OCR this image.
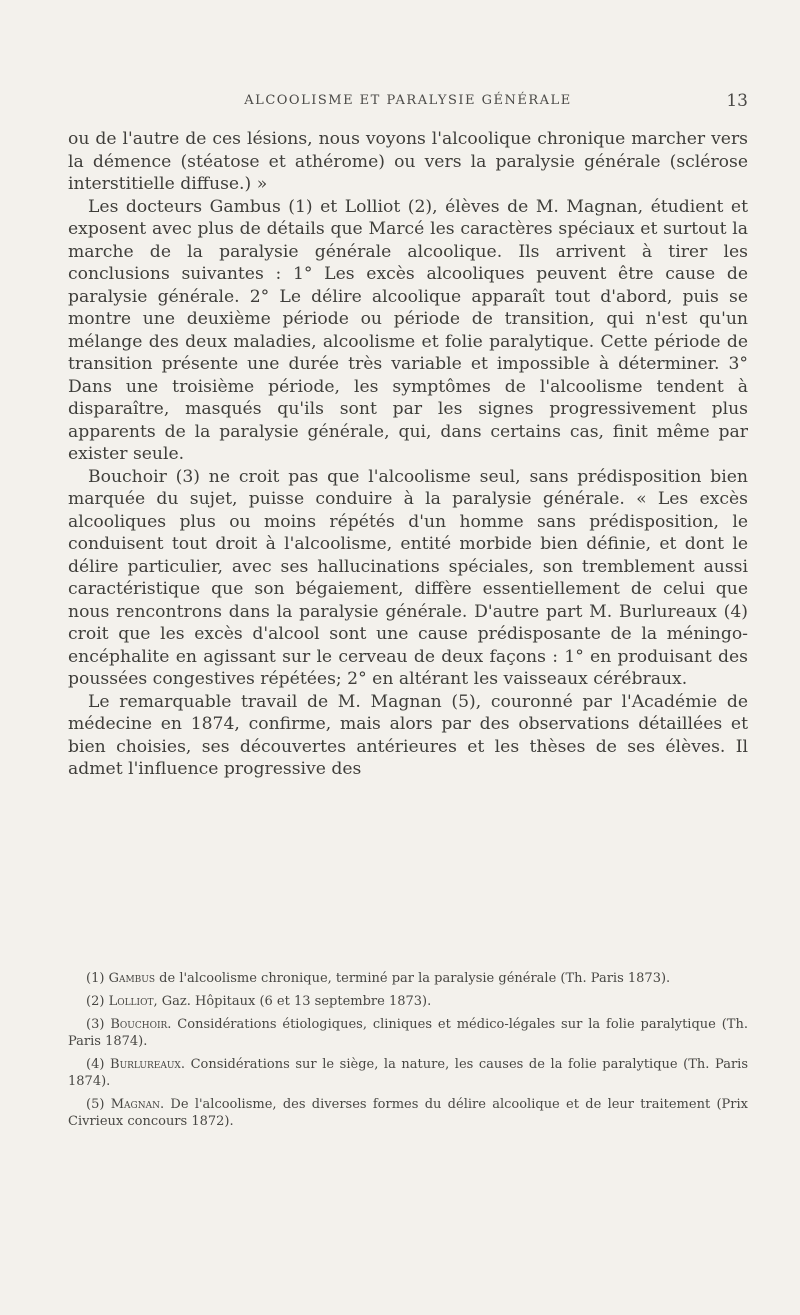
ALCOOLISME ET PARALYSIE GÉNÉRALE	13

ou de l'autre de ces lésions, nous voyons l'alcoolique chronique marcher vers la démence (stéatose et athérome) ou vers la paralysie générale (sclérose interstitielle diffuse.) »

Les docteurs Gambus (1) et Lolliot (2), élèves de M. Magnan, étudient et exposent avec plus de détails que Marcé les caractères spéciaux et surtout la marche de la paralysie générale alcoolique. Ils arrivent à tirer les conclusions suivantes : 1° Les excès alcooliques peuvent être cause de paralysie générale. 2° Le délire alcoolique apparaît tout d'abord, puis se montre une deuxième période ou période de transition, qui n'est qu'un mélange des deux maladies, alcoolisme et folie paralytique. Cette période de transition présente une durée très variable et impossible à déterminer. 3° Dans une troisième période, les symptômes de l'alcoolisme tendent à disparaître, masqués qu'ils sont par les signes progressivement plus apparents de la paralysie générale, qui, dans certains cas, finit même par exister seule.

Bouchoir (3) ne croit pas que l'alcoolisme seul, sans prédisposition bien marquée du sujet, puisse conduire à la paralysie générale. « Les excès alcooliques plus ou moins répétés d'un homme sans prédisposition, le conduisent tout droit à l'alcoolisme, entité morbide bien définie, et dont le délire particulier, avec ses hallucinations spéciales, son tremblement aussi caractéristique que son bégaiement, diffère essentiellement de celui que nous rencontrons dans la paralysie générale. D'autre part M. Burlureaux (4) croit que les excès d'alcool sont une cause prédisposante de la méningo-encéphalite en agissant sur le cerveau de deux façons : 1° en produisant des poussées congestives répétées; 2° en altérant les vaisseaux cérébraux.

Le remarquable travail de M. Magnan (5), couronné par l'Académie de médecine en 1874, confirme, mais alors par des observations détaillées et bien choisies, ses découvertes antérieures et les thèses de ses élèves. Il admet l'influence progressive des

(1) Gambus de l'alcoolisme chronique, terminé par la paralysie générale (Th. Paris 1873).

(2) Lolliot, Gaz. Hôpitaux (6 et 13 septembre 1873).

(3) Bouchoir. Considérations étiologiques, cliniques et médico-légales sur la folie paralytique (Th. Paris 1874).

(4) Burlureaux. Considérations sur le siège, la nature, les causes de la folie paralytique (Th. Paris 1874).

(5) Magnan. De l'alcoolisme, des diverses formes du délire alcoolique et de leur traitement (Prix Civrieux concours 1872).
